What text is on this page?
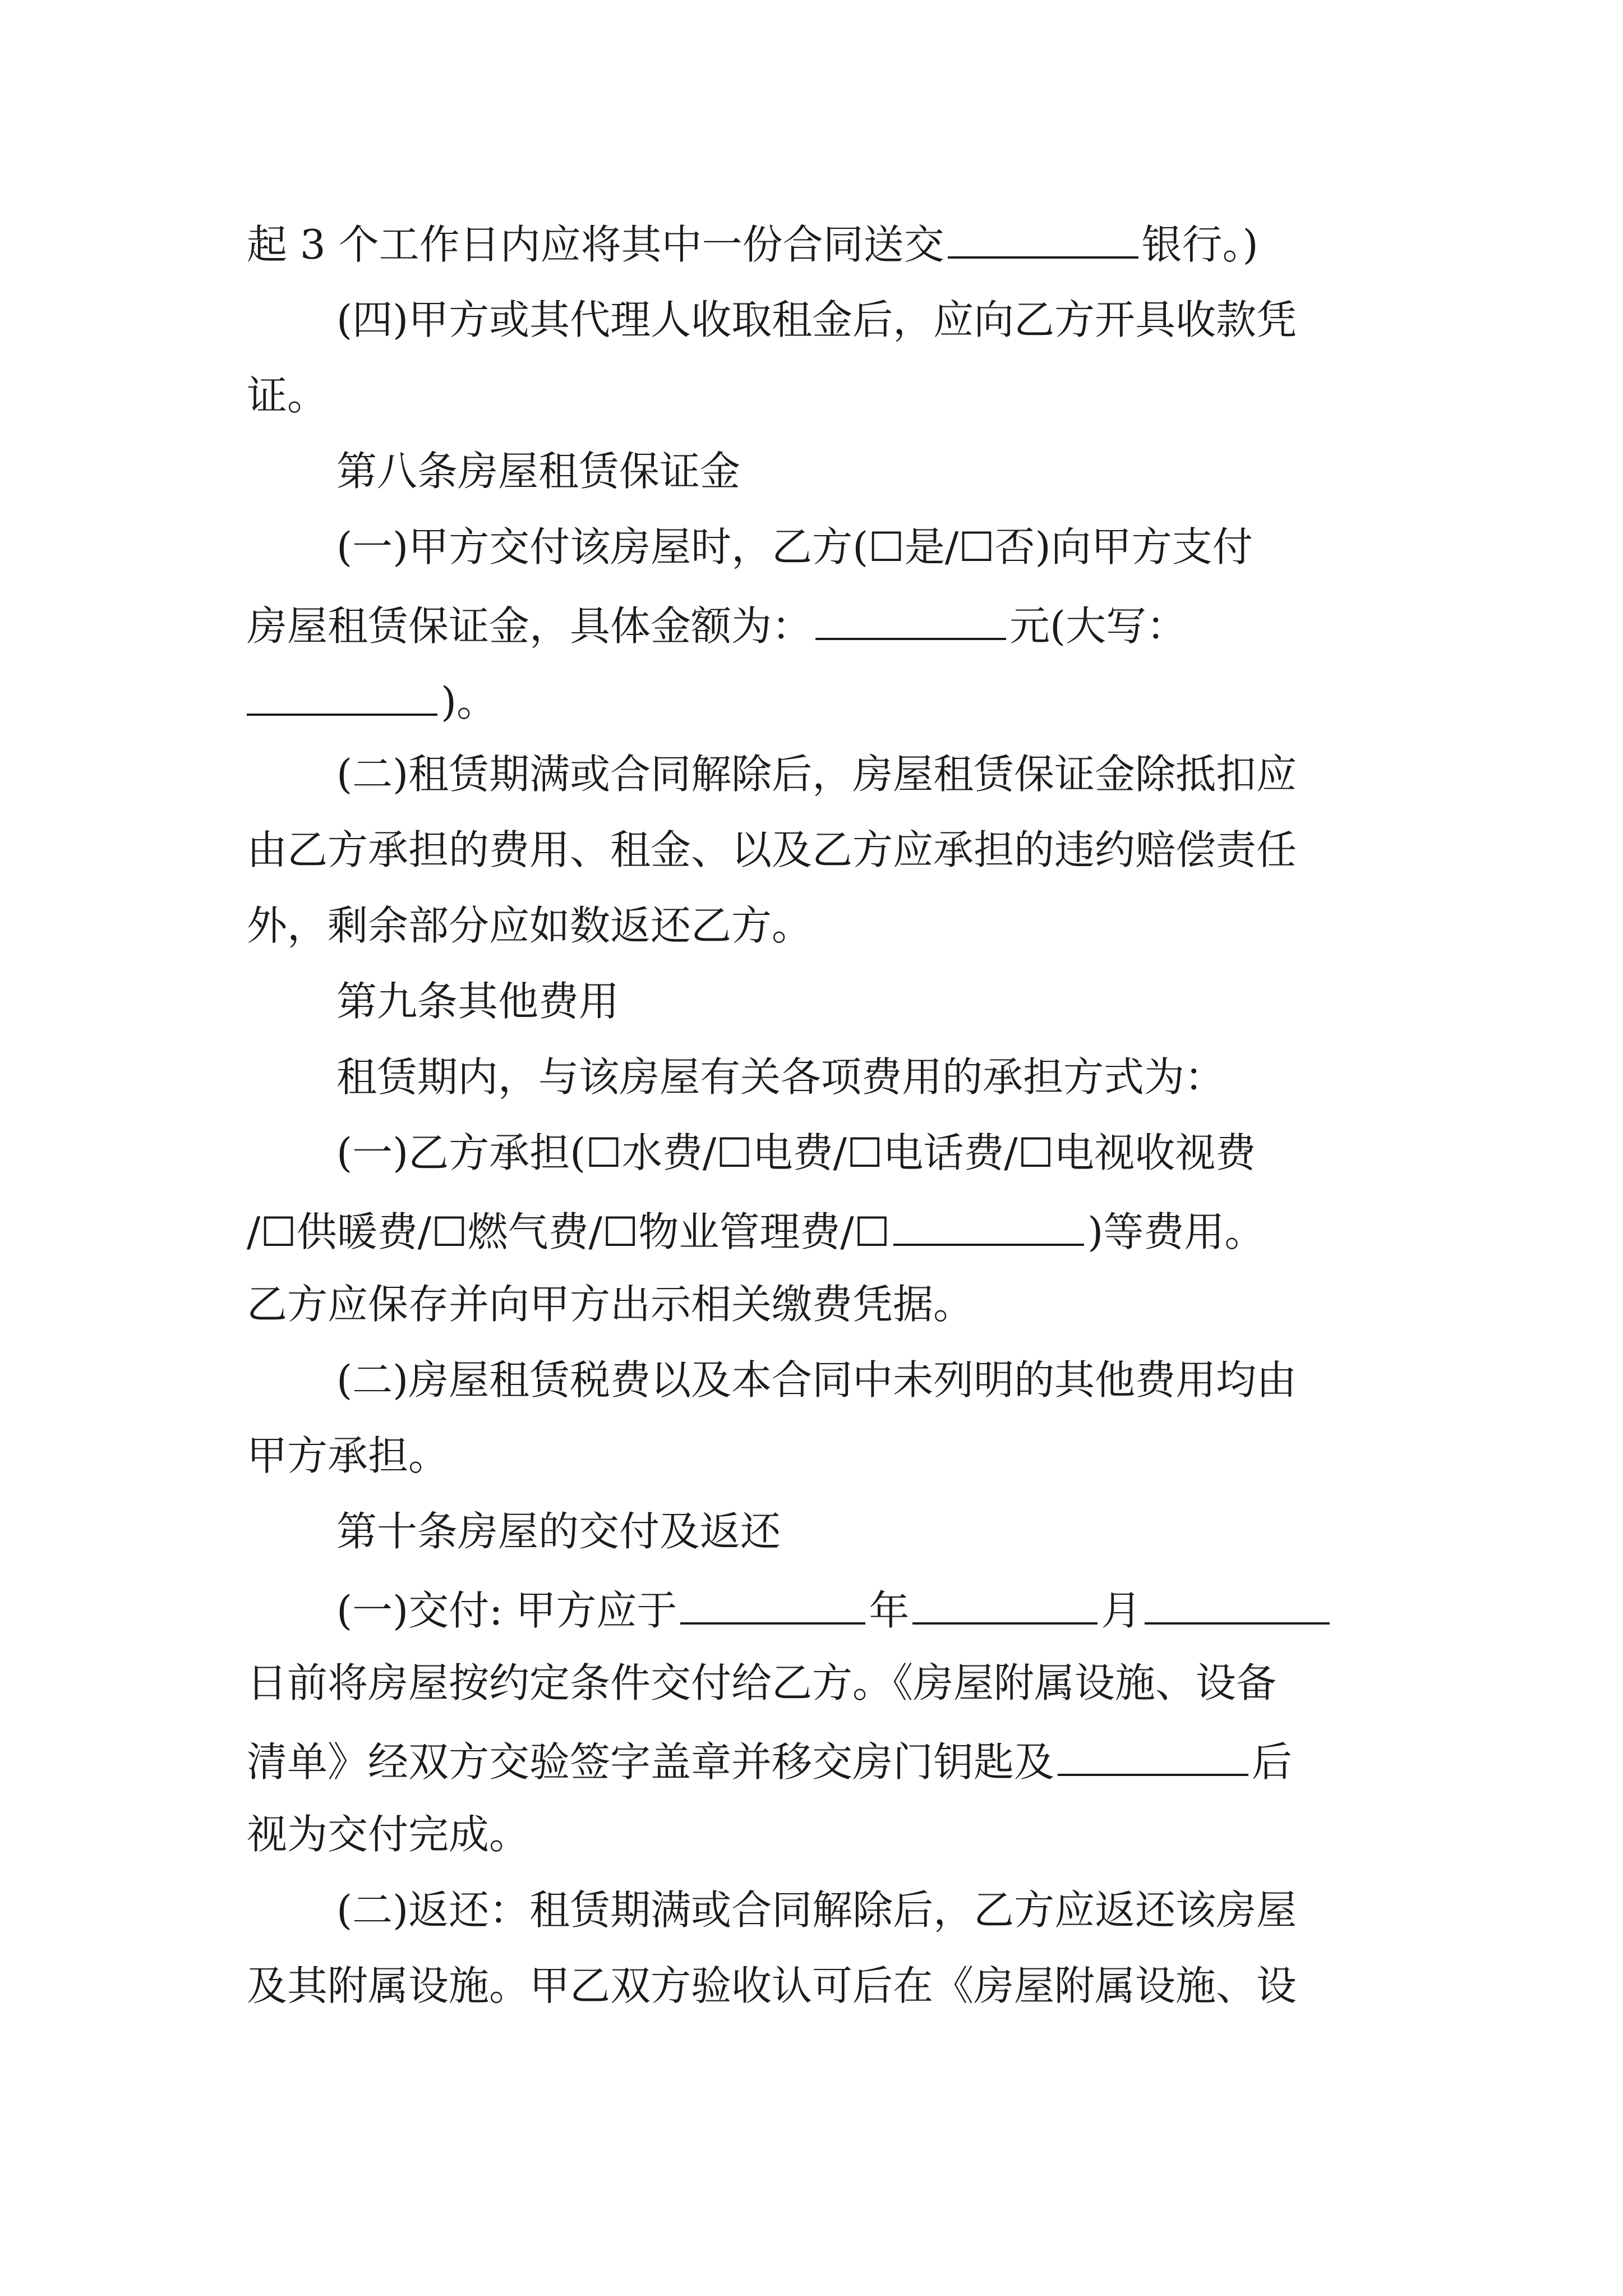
起 3 个工作日内应将其中一份合同送交	银行。)
(四)甲方或其代理人收取租金后，应向乙方开具收款凭
证。
第八条房屋租赁保证金
(一)甲方交付该房屋时，乙方(☐是/☐否)向甲方支付
房屋租赁保证金，具体金额为：	元(大写：
)。
(二)租赁期满或合同解除后，房屋租赁保证金除抵扣应
由乙方承担的费用、租金、以及乙方应承担的违约赔偿责任
外，剩余部分应如数返还乙方。
第九条其他费用
租赁期内，与该房屋有关各项费用的承担方式为：
(一)乙方承担(☐水费/☐电费/☐电话费/☐电视收视费
/☐供暖费/☐燃气费/☐物业管理费/☐	)等费用。
乙方应保存并向甲方出示相关缴费凭据。
(二)房屋租赁税费以及本合同中未列明的其他费用均由
甲方承担。
第十条房屋的交付及返还
(一)交付: 甲方应于	年	月
日前将房屋按约定条件交付给乙方。《房屋附属设施、设备
清单》经双方交验签字盖章并移交房门钥匙及	后
视为交付完成。
(二)返还：租赁期满或合同解除后，乙方应返还该房屋
及其附属设施。甲乙双方验收认可后在《房屋附属设施、设
